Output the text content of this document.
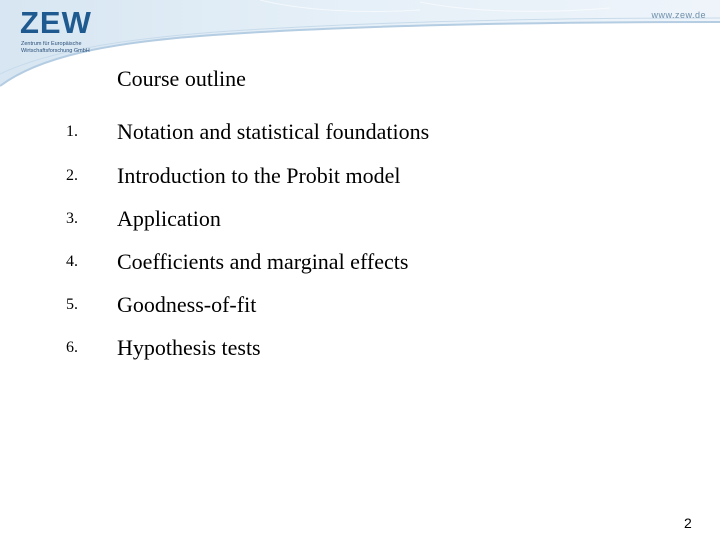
ZEW
Zentrum für Europäische
Wirtschaftsforschung GmbH
www.zew.de
Course outline
1. Notation and statistical foundations
2. Introduction to the Probit model
3. Application
4. Coefficients and marginal effects
5. Goodness-of-fit
6. Hypothesis tests
2
